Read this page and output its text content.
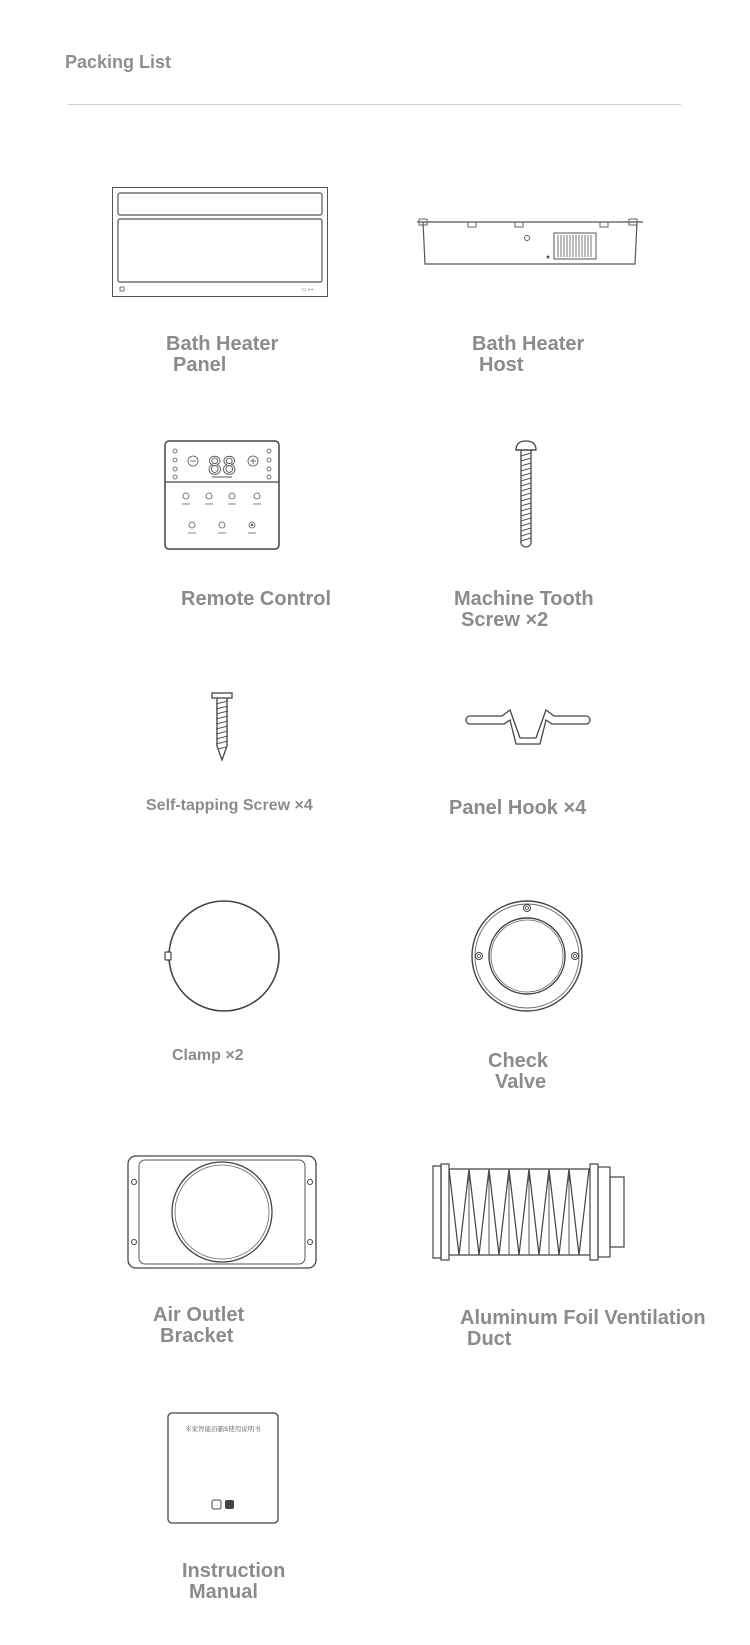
Packing List
▭ ▪ ▪
Bath Heater
Panel
Bath Heater
Host
88
Remote Control	Machine Tooth
Screw ×2
Self-tapping Screw ×4	Panel Hook ×4
Clamp ×2	Check
Valve
Air Outlet
Bracket
Aluminum Foil Ventilation
Duct
米家智能浴霸S使用说明书
Instruction
Manual
